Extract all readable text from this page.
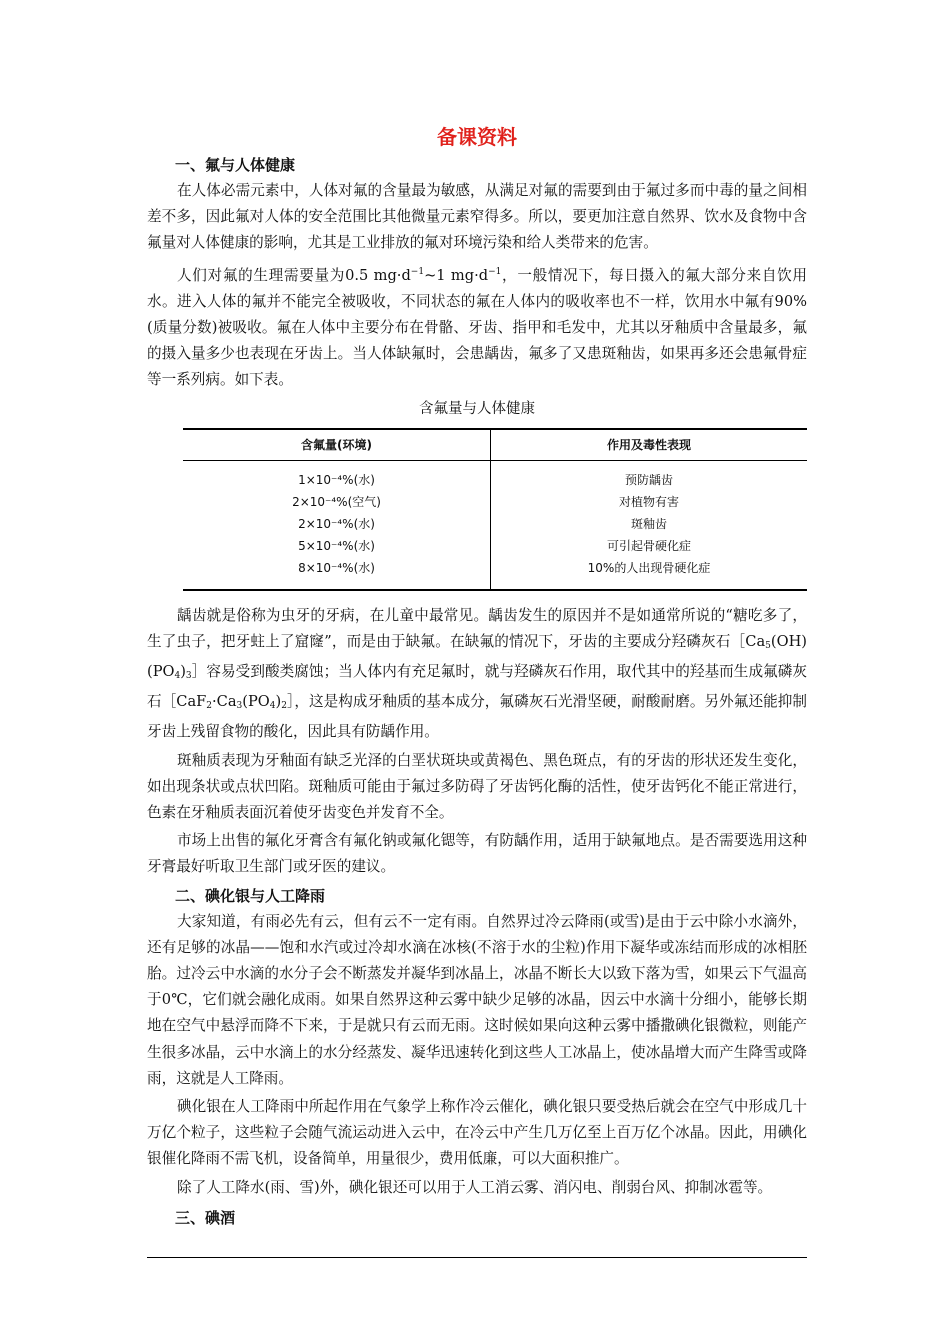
备课资料
一、氟与人体健康

在人体必需元素中，人体对氟的含量最为敏感，从满足对氟的需要到由于氟过多而中毒的量之间相差不多，因此氟对人体的安全范围比其他微量元素窄得多。所以，要更加注意自然界、饮水及食物中含氟量对人体健康的影响，尤其是工业排放的氟对环境污染和给人类带来的危害。

人们对氟的生理需要量为0.5 $mg\cdot d^{-1}\sim 1$ $mg\cdot d^{-1}$，一般情况下，每日摄入的氟大部分来自饮用水。进入人体的氟并不能完全被吸收，不同状态的氟在人体内的吸收率也不一样，饮用水中氟有90%(质量分数)被吸收。氟在人体中主要分布在骨骼、牙齿、指甲和毛发中，尤其以牙釉质中含量最多，氟的摄入量多少也表现在牙齿上。当人体缺氟时，会患龋齿，氟多了又患斑釉齿，如果再多还会患氟骨症等一系列病。如下表。

含氟量与人体健康
含氟量(环境)	作用及毒性表现
1×10⁻⁴%(水)	预防龋齿
2×10⁻⁴%(空气)	对植物有害
2×10⁻⁴%(水)	斑釉齿
5×10⁻⁴%(水)	可引起骨硬化症
8×10⁻⁴%(水)	10%的人出现骨硬化症

龋齿就是俗称为虫牙的牙病，在儿童中最常见。龋齿发生的原因并不是如通常所说的“糖吃多了，生了虫子，把牙蛀上了窟窿”，而是由于缺氟。在缺氟的情况下，牙齿的主要成分羟磷灰石$[Ca_5(OH)(PO_4)_3]$容易受到酸类腐蚀；当人体内有充足氟时，就与羟磷灰石作用，取代其中的羟基而生成氟磷灰石$[CaF_2\cdot Ca_3(PO_4)_2]$，这是构成牙釉质的基本成分，氟磷灰石光滑坚硬，耐酸耐磨。另外氟还能抑制牙齿上残留食物的酸化，因此具有防龋作用。

斑釉质表现为牙釉面有缺乏光泽的白垩状斑块或黄褐色、黑色斑点，有的牙齿的形状还发生变化，如出现条状或点状凹陷。斑釉质可能由于氟过多防碍了牙齿钙化酶的活性，使牙齿钙化不能正常进行，色素在牙釉质表面沉着使牙齿变色并发育不全。

市场上出售的氟化牙膏含有氟化钠或氟化锶等，有防龋作用，适用于缺氟地点。是否需要选用这种牙膏最好听取卫生部门或牙医的建议。

二、碘化银与人工降雨

大家知道，有雨必先有云，但有云不一定有雨。自然界过冷云降雨(或雪)是由于云中除小水滴外，还有足够的冰晶——饱和水汽或过冷却水滴在冰核(不溶于水的尘粒)作用下凝华或冻结而形成的冰相胚胎。过冷云中水滴的水分子会不断蒸发并凝华到冰晶上，冰晶不断长大以致下落为雪，如果云下气温高于0℃，它们就会融化成雨。如果自然界这种云雾中缺少足够的冰晶，因云中水滴十分细小，能够长期地在空气中悬浮而降不下来，于是就只有云而无雨。这时候如果向这种云雾中播撒碘化银微粒，则能产生很多冰晶，云中水滴上的水分经蒸发、凝华迅速转化到这些人工冰晶上，使冰晶增大而产生降雪或降雨，这就是人工降雨。

碘化银在人工降雨中所起作用在气象学上称作冷云催化，碘化银只要受热后就会在空气中形成几十万亿个粒子，这些粒子会随气流运动进入云中，在冷云中产生几万亿至上百万亿个冰晶。因此，用碘化银催化降雨不需飞机，设备简单，用量很少，费用低廉，可以大面积推广。

除了人工降水(雨、雪)外，碘化银还可以用于人工消云雾、消闪电、削弱台风、抑制冰雹等。

三、碘酒
